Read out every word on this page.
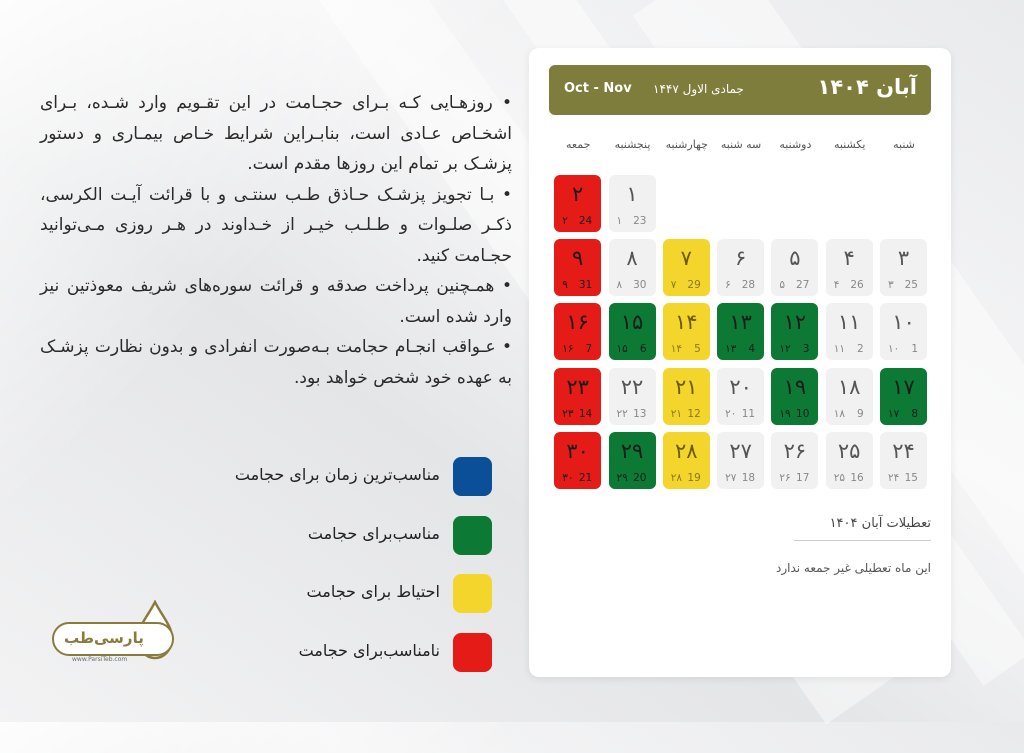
• روزهـایی کـه بـرای حجـامت در این تقـویم وارد شـده، بـرای اشخـاص عـادی است، بنابـراین شرایط خـاص بیمـاری و دستور پزشـک بر تمام این روزها مقدم است.

• بـا تجویز پزشـک حـاذق طـب سنتـی و با قرائت آیـت الکرسی، ذکـر صلـوات و طـلـب خیـر از خـداوند در هـر روزی مـی‌توانید حجـامت کنید.

• همـچنین پرداخت صدقه و قرائت سوره‌های شریف معوذتین نیز وارد شده است.

• عـواقب انجـام حجامت بـه‌صورت انفرادی و بدون نظارت پزشـک به عهده خود شخص خواهد بود.

مناسب‌ترین زمان برای حجامت
مناسب‌برای حجامت
احتیاط برای حجامت
نامناسب‌برای حجامت
پارسی‌طب
www.ParsiTeb.com
آبان ۱۴۰۴
جمادی الاول ۱۴۴۷
Oct - Nov
شنبه
یکشنبه
دوشنبه
سه شنبه
چهارشنبه
پنجشنبه
جمعه
۱
۱ 23
۲
۲ 24
۳
۳ 25
۴
۴ 26
۵
۵ 27
۶
۶ 28
۷
۷ 29
۸
۸ 30
۹
۹ 31
۱۰
۱۰ 1
۱۱
۱۱ 2
۱۲
۱۲ 3
۱۳
۱۳ 4
۱۴
۱۴ 5
۱۵
۱۵ 6
۱۶
۱۶ 7
۱۷
۱۷ 8
۱۸
۱۸ 9
۱۹
۱۹ 10
۲۰
۲۰ 11
۲۱
۲۱ 12
۲۲
۲۲ 13
۲۳
۲۳ 14
۲۴
۲۴ 15
۲۵
۲۵ 16
۲۶
۲۶ 17
۲۷
۲۷ 18
۲۸
۲۸ 19
۲۹
۲۹ 20
۳۰
۳۰ 21
تعطیلات آبان ۱۴۰۴
این ماه تعطیلی غیر جمعه ندارد
